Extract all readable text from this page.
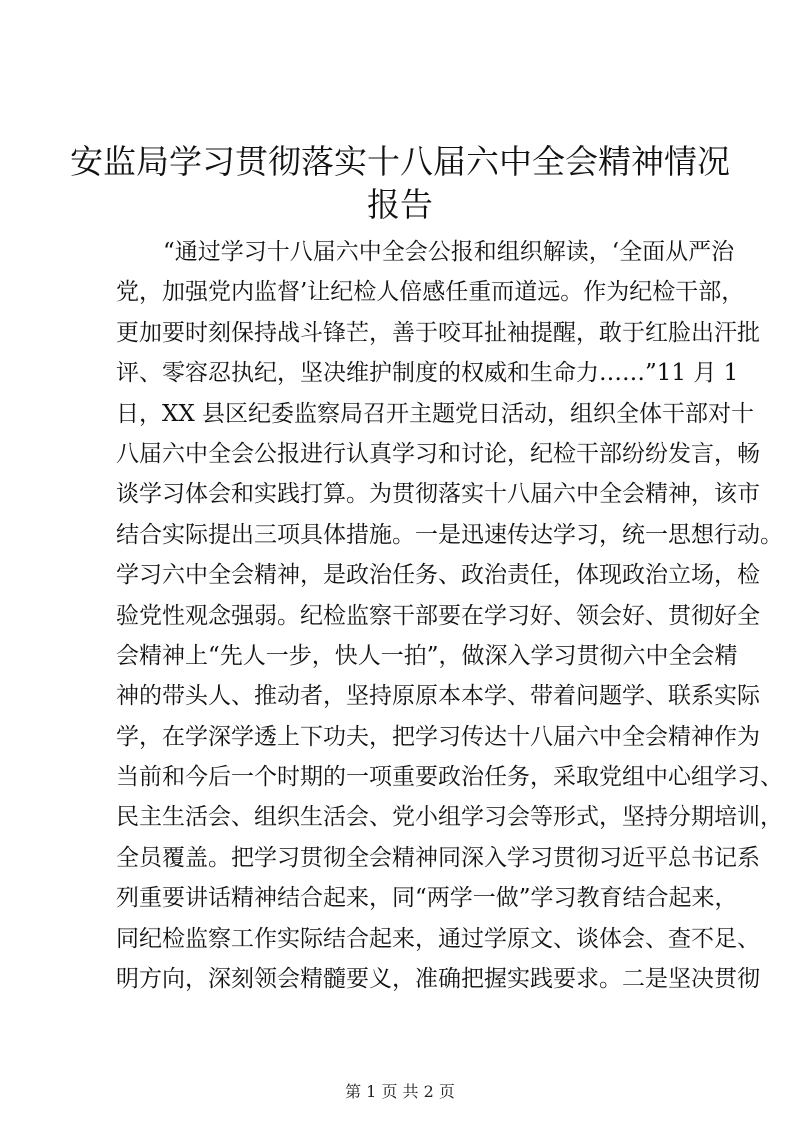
安监局学习贯彻落实十八届六中全会精神情况
报告
“通过学习十八届六中全会公报和组织解读，‘全面从严治
党，加强党内监督’让纪检人倍感任重而道远。作为纪检干部，
更加要时刻保持战斗锋芒，善于咬耳扯袖提醒，敢于红脸出汗批
评、零容忍执纪，坚决维护制度的权威和生命力……”11 月 1
日，XX 县区纪委监察局召开主题党日活动，组织全体干部对十
八届六中全会公报进行认真学习和讨论，纪检干部纷纷发言，畅
谈学习体会和实践打算。为贯彻落实十八届六中全会精神，该市
结合实际提出三项具体措施。一是迅速传达学习，统一思想行动。
学习六中全会精神，是政治任务、政治责任，体现政治立场，检
验党性观念强弱。纪检监察干部要在学习好、领会好、贯彻好全
会精神上“先人一步，快人一拍”，做深入学习贯彻六中全会精
神的带头人、推动者，坚持原原本本学、带着问题学、联系实际
学，在学深学透上下功夫，把学习传达十八届六中全会精神作为
当前和今后一个时期的一项重要政治任务，采取党组中心组学习、
民主生活会、组织生活会、党小组学习会等形式，坚持分期培训，
全员覆盖。把学习贯彻全会精神同深入学习贯彻习近平总书记系
列重要讲话精神结合起来，同“两学一做”学习教育结合起来，
同纪检监察工作实际结合起来，通过学原文、谈体会、查不足、
明方向，深刻领会精髓要义，准确把握实践要求。二是坚决贯彻
第 1 页 共 2 页
